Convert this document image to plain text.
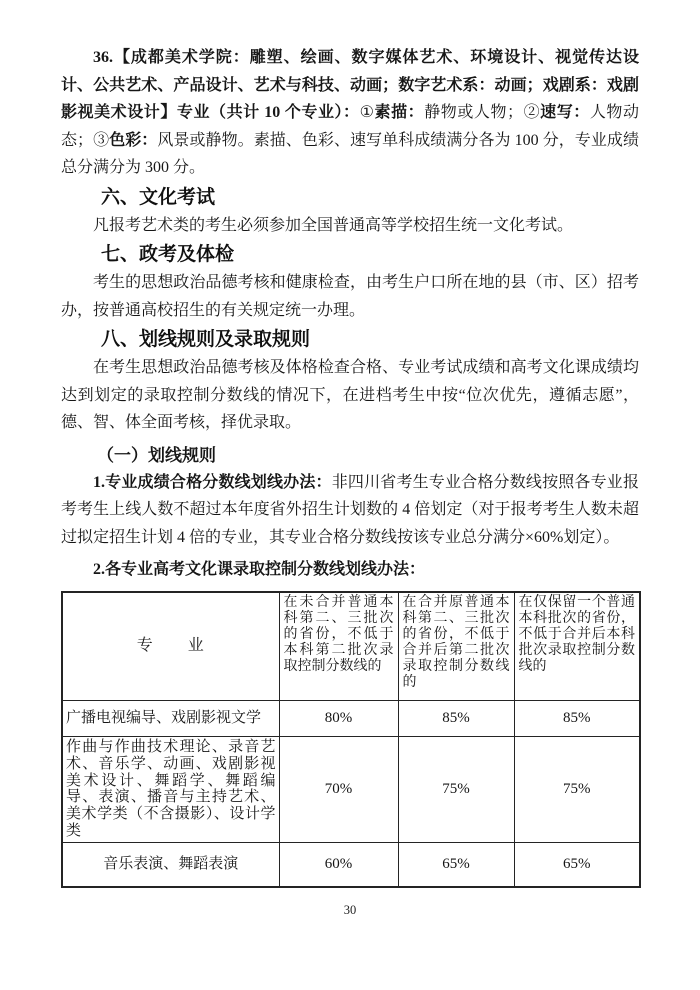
36.【成都美术学院：雕塑、绘画、数字媒体艺术、环境设计、视觉传达设计、公共艺术、产品设计、艺术与科技、动画；数字艺术系：动画；戏剧系：戏剧影视美术设计】专业（共计 10 个专业）：①素描：静物或人物；②速写：人物动态；③色彩：风景或静物。素描、色彩、速写单科成绩满分各为 100 分，专业成绩总分满分为 300 分。

六、文化考试

凡报考艺术类的考生必须参加全国普通高等学校招生统一文化考试。

七、政考及体检

考生的思想政治品德考核和健康检查，由考生户口所在地的县（市、区）招考办，按普通高校招生的有关规定统一办理。

八、划线规则及录取规则

在考生思想政治品德考核及体格检查合格、专业考试成绩和高考文化课成绩均达到划定的录取控制分数线的情况下，在进档考生中按“位次优先，遵循志愿”，德、智、体全面考核，择优录取。

（一）划线规则

1.专业成绩合格分数线划线办法：非四川省考生专业合格分数线按照各专业报考考生上线人数不超过本年度省外招生计划数的 4 倍划定（对于报考考生人数未超过拟定招生计划 4 倍的专业，其专业合格分数线按该专业总分满分×60%划定）。

2.各专业高考文化课录取控制分数线划线办法：

专　　业	在未合并普通本科第二、三批次的省份，不低于本科第二批次录取控制分数线的	在合并原普通本科第二、三批次的省份，不低于合并后第二批次录取控制分数线的	在仅保留一个普通本科批次的省份，不低于合并后本科批次录取控制分数线的
广播电视编导、戏剧影视文学	80%	85%	85%
作曲与作曲技术理论、录音艺术、音乐学、动画、戏剧影视美术设计、舞蹈学、舞蹈编导、表演、播音与主持艺术、美术学类（不含摄影）、设计学类	70%	75%	75%
音乐表演、舞蹈表演	60%	65%	65%
30
